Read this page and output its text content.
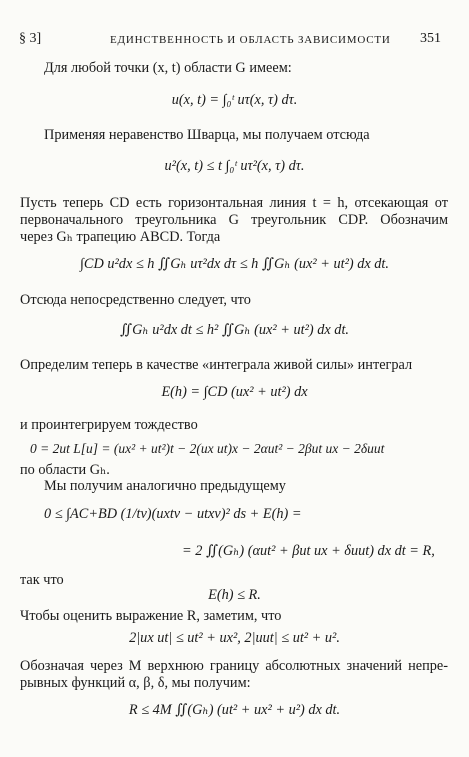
§ 3]	ЕДИНСТВЕННОСТЬ И ОБЛАСТЬ ЗАВИСИМОСТИ 351
Для любой точки (x, t) области G имеем:
u(x, t) = ∫₀ᵗ uτ(x, τ) dτ.
Применяя неравенство Шварца, мы получаем отсюда
u²(x, t) ≤ t ∫₀ᵗ uτ²(x, τ) dτ.
Пусть теперь CD есть горизонтальная линия t = h, отсекающая от
первоначального треугольника G треугольник CDP. Обозначим
через Gₕ трапецию ABCD. Тогда
∫CD u²dx ≤ h ∬Gₕ uτ²dx dτ ≤ h ∬Gₕ (ux² + ut²) dx dt.
Отсюда непосредственно следует, что
∬Gₕ u²dx dt ≤ h² ∬Gₕ (ux² + ut²) dx dt.
Определим теперь в качестве «интеграла живой силы» интеграл
E(h) = ∫CD (ux² + ut²) dx
и проинтегрируем тождество
0 = 2ut L[u] = (ux² + ut²)t − 2(ux ut)x − 2αut² − 2βut ux − 2δuut
по области Gₕ.
Мы получим аналогично предыдущему
0 ≤ ∫AC+BD (1/tν)(uxtν − utxν)² ds + E(h) =
= 2 ∬(Gₕ) (αut² + βut ux + δuut) dx dt = R,
так что
E(h) ≤ R.
Чтобы оценить выражение R, заметим, что
2|ux ut| ≤ ut² + ux², 2|uut| ≤ ut² + u².
Обозначая через M верхнюю границу абсолютных значений непре-
рывных функций α, β, δ, мы получим:
R ≤ 4M ∬(Gₕ) (ut² + ux² + u²) dx dt.
